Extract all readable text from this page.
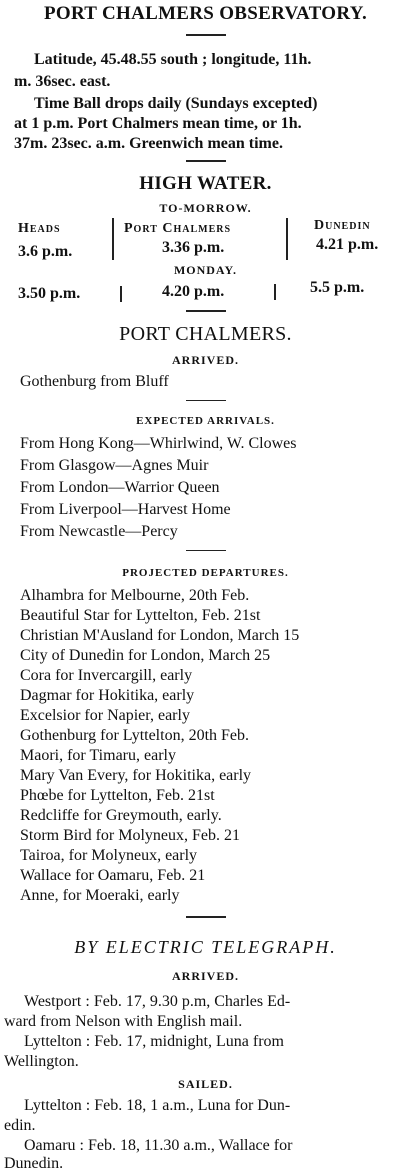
PORT CHALMERS OBSERVATORY.
Latitude, 45.48.55 south ; longitude, 11h.
m. 36sec. east.
Time Ball drops daily (Sundays excepted)
at 1 p.m. Port Chalmers mean time, or 1h.
37m. 23sec. a.m. Greenwich mean time.
HIGH WATER.
TO-MORROW.
Heads	Port Chalmers	Dunedin
3.6 p.m.	3.36 p.m.	4.21 p.m.
MONDAY.
3.50 p.m.	4.20 p.m.	5.5 p.m.
PORT CHALMERS.
ARRIVED.
Gothenburg from Bluff
EXPECTED ARRIVALS.
From Hong Kong—Whirlwind, W. Clowes
From Glasgow—Agnes Muir
From London—Warrior Queen
From Liverpool—Harvest Home
From Newcastle—Percy
PROJECTED DEPARTURES.
Alhambra for Melbourne, 20th Feb.
Beautiful Star for Lyttelton, Feb. 21st
Christian M'Ausland for London, March 15
City of Dunedin for London, March 25
Cora for Invercargill, early
Dagmar for Hokitika, early
Excelsior for Napier, early
Gothenburg for Lyttelton, 20th Feb.
Maori, for Timaru, early
Mary Van Every, for Hokitika, early
Phœbe for Lyttelton, Feb. 21st
Redcliffe for Greymouth, early.
Storm Bird for Molyneux, Feb. 21
Tairoa, for Molyneux, early
Wallace for Oamaru, Feb. 21
Anne, for Moeraki, early
BY ELECTRIC TELEGRAPH.
ARRIVED.
Westport : Feb. 17, 9.30 p.m, Charles Ed-
ward from Nelson with English mail.
Lyttelton : Feb. 17, midnight, Luna from
Wellington.
SAILED.
Lyttelton : Feb. 18, 1 a.m., Luna for Dun-
edin.
Oamaru : Feb. 18, 11.30 a.m., Wallace for
Dunedin.
